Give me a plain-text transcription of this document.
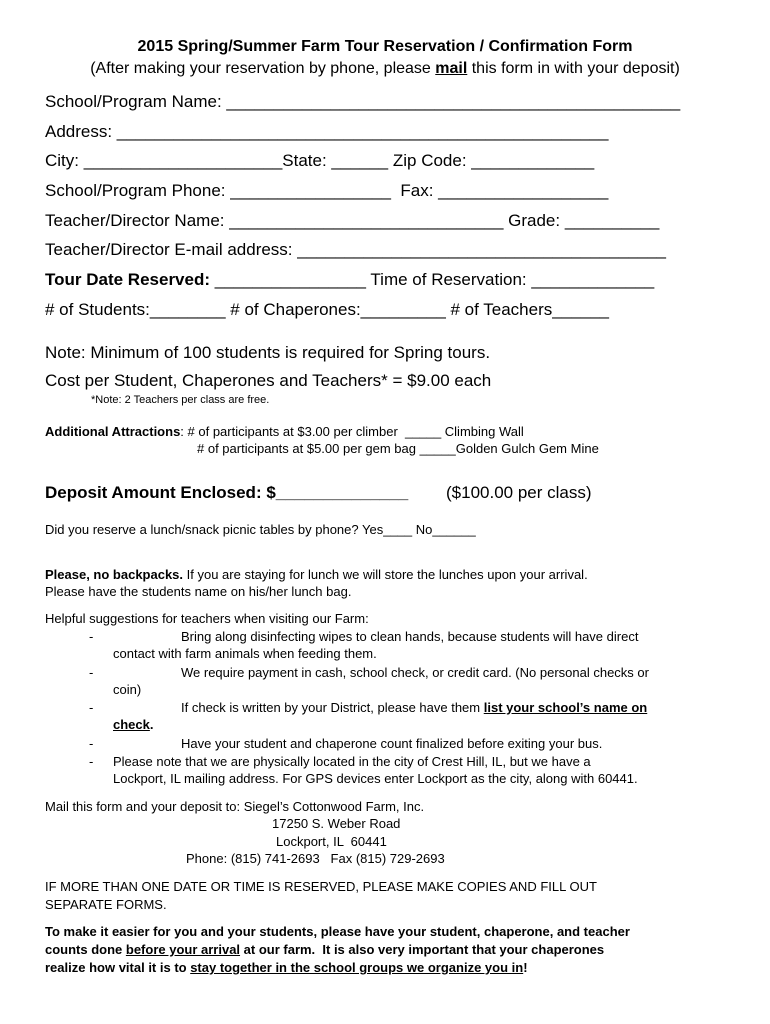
2015 Spring/Summer Farm Tour Reservation / Confirmation Form
(After making your reservation by phone, please mail this form in with your deposit)
School/Program Name: ________________________________________________
Address: ____________________________________________________
City: _____________________State: ______ Zip Code: _____________
School/Program Phone: _________________  Fax: __________________
Teacher/Director Name: _____________________________ Grade: __________
Teacher/Director E-mail address: _______________________________________
Tour Date Reserved: ________________ Time of Reservation: _____________
# of Students:________ # of Chaperones:_________ # of Teachers______
Note: Minimum of 100 students is required for Spring tours.
Cost per Student, Chaperones and Teachers* = $9.00 each
*Note: 2 Teachers per class are free.
Additional Attractions: # of participants at $3.00 per climber  _____ Climbing Wall
# of participants at $5.00 per gem bag _____Golden Gulch Gem Mine
Deposit Amount Enclosed: $______________ ($100.00 per class)
Did you reserve a lunch/snack picnic tables by phone? Yes____ No______
Please, no backpacks. If you are staying for lunch we will store the lunches upon your arrival.
Please have the students name on his/her lunch bag.
Helpful suggestions for teachers when visiting our Farm:
-	Bring along disinfecting wipes to clean hands, because students will have direct
contact with farm animals when feeding them.
-	We require payment in cash, school check, or credit card. (No personal checks or
coin)
-	If check is written by your District, please have them list your school’s name on
check.
-	Have your student and chaperone count finalized before exiting your bus.
- Please note that we are physically located in the city of Crest Hill, IL, but we have a
Lockport, IL mailing address. For GPS devices enter Lockport as the city, along with 60441.
Mail this form and your deposit to: Siegel’s Cottonwood Farm, Inc.
17250 S. Weber Road
Lockport, IL  60441
Phone: (815) 741-2693   Fax (815) 729-2693
IF MORE THAN ONE DATE OR TIME IS RESERVED, PLEASE MAKE COPIES AND FILL OUT
SEPARATE FORMS.
To make it easier for you and your students, please have your student, chaperone, and teacher
counts done before your arrival at our farm.  It is also very important that your chaperones
realize how vital it is to stay together in the school groups we organize you in!
